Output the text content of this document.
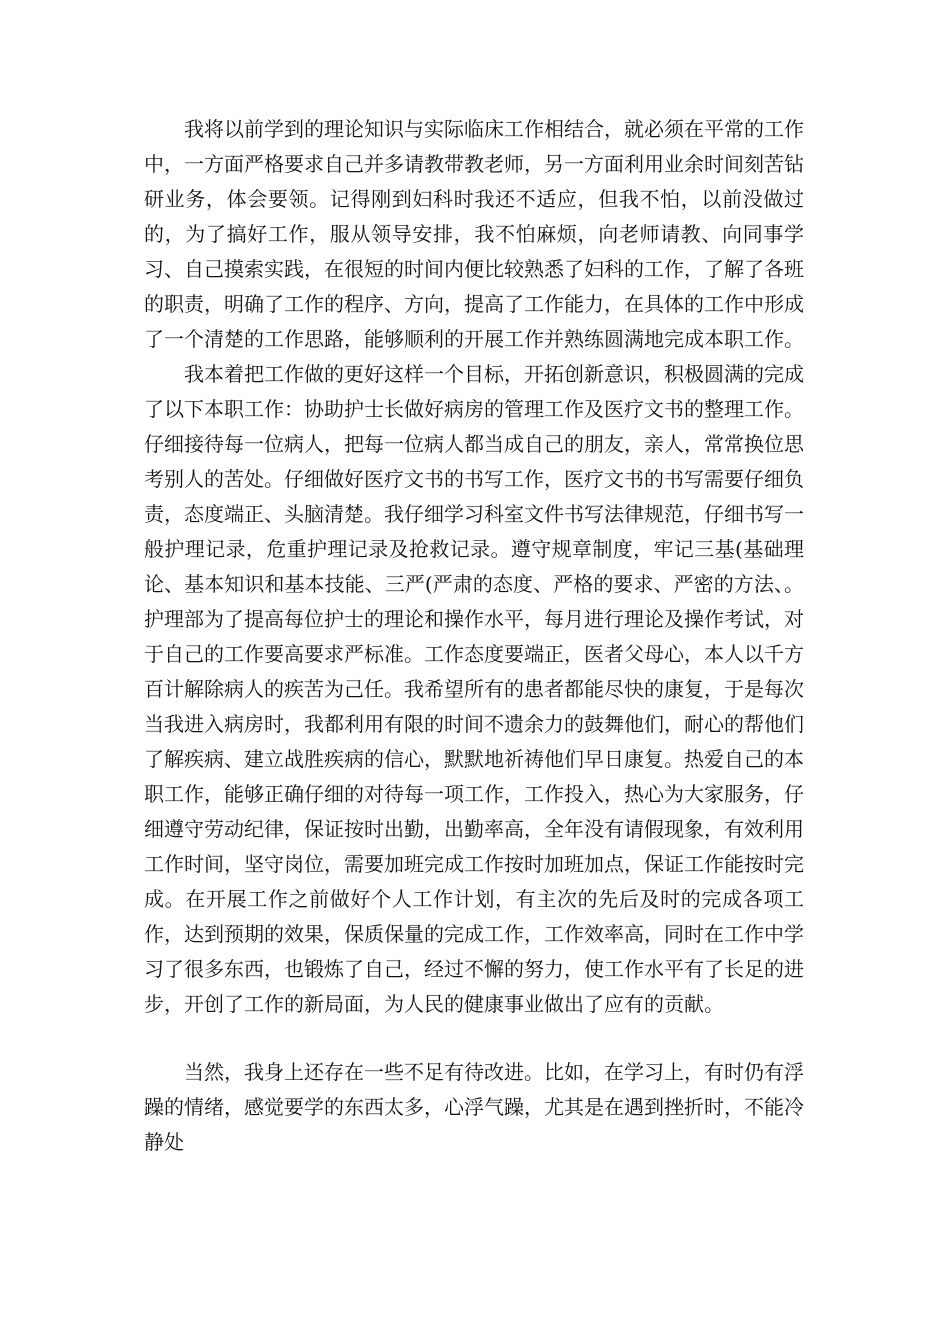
我将以前学到的理论知识与实际临床工作相结合，就必须在平常的工作中，一方面严格要求自己并多请教带教老师，另一方面利用业余时间刻苦钻研业务，体会要领。记得刚到妇科时我还不适应，但我不怕，以前没做过的，为了搞好工作，服从领导安排，我不怕麻烦，向老师请教、向同事学习、自己摸索实践，在很短的时间内便比较熟悉了妇科的工作，了解了各班的职责，明确了工作的程序、方向，提高了工作能力，在具体的工作中形成了一个清楚的工作思路，能够顺利的开展工作并熟练圆满地完成本职工作。

我本着把工作做的更好这样一个目标，开拓创新意识，积极圆满的完成了以下本职工作：协助护士长做好病房的管理工作及医疗文书的整理工作。仔细接待每一位病人，把每一位病人都当成自己的朋友，亲人，常常换位思考别人的苦处。仔细做好医疗文书的书写工作，医疗文书的书写需要仔细负责，态度端正、头脑清楚。我仔细学习科室文件书写法律规范，仔细书写一般护理记录，危重护理记录及抢救记录。遵守规章制度，牢记三基(基础理论、基本知识和基本技能、三严(严肃的态度、严格的要求、严密的方法、。护理部为了提高每位护士的理论和操作水平，每月进行理论及操作考试，对于自己的工作要高要求严标准。工作态度要端正，医者父母心，本人以千方百计解除病人的疾苦为己任。我希望所有的患者都能尽快的康复，于是每次当我进入病房时，我都利用有限的时间不遗余力的鼓舞他们，耐心的帮他们了解疾病、建立战胜疾病的信心，默默地祈祷他们早日康复。热爱自己的本职工作，能够正确仔细的对待每一项工作，工作投入，热心为大家服务，仔细遵守劳动纪律，保证按时出勤，出勤率高，全年没有请假现象，有效利用工作时间，坚守岗位，需要加班完成工作按时加班加点，保证工作能按时完成。在开展工作之前做好个人工作计划，有主次的先后及时的完成各项工作，达到预期的效果，保质保量的完成工作，工作效率高，同时在工作中学习了很多东西，也锻炼了自己，经过不懈的努力，使工作水平有了长足的进步，开创了工作的新局面，为人民的健康事业做出了应有的贡献。

当然，我身上还存在一些不足有待改进。比如，在学习上，有时仍有浮躁的情绪，感觉要学的东西太多，心浮气躁，尤其是在遇到挫折时，不能冷静处
